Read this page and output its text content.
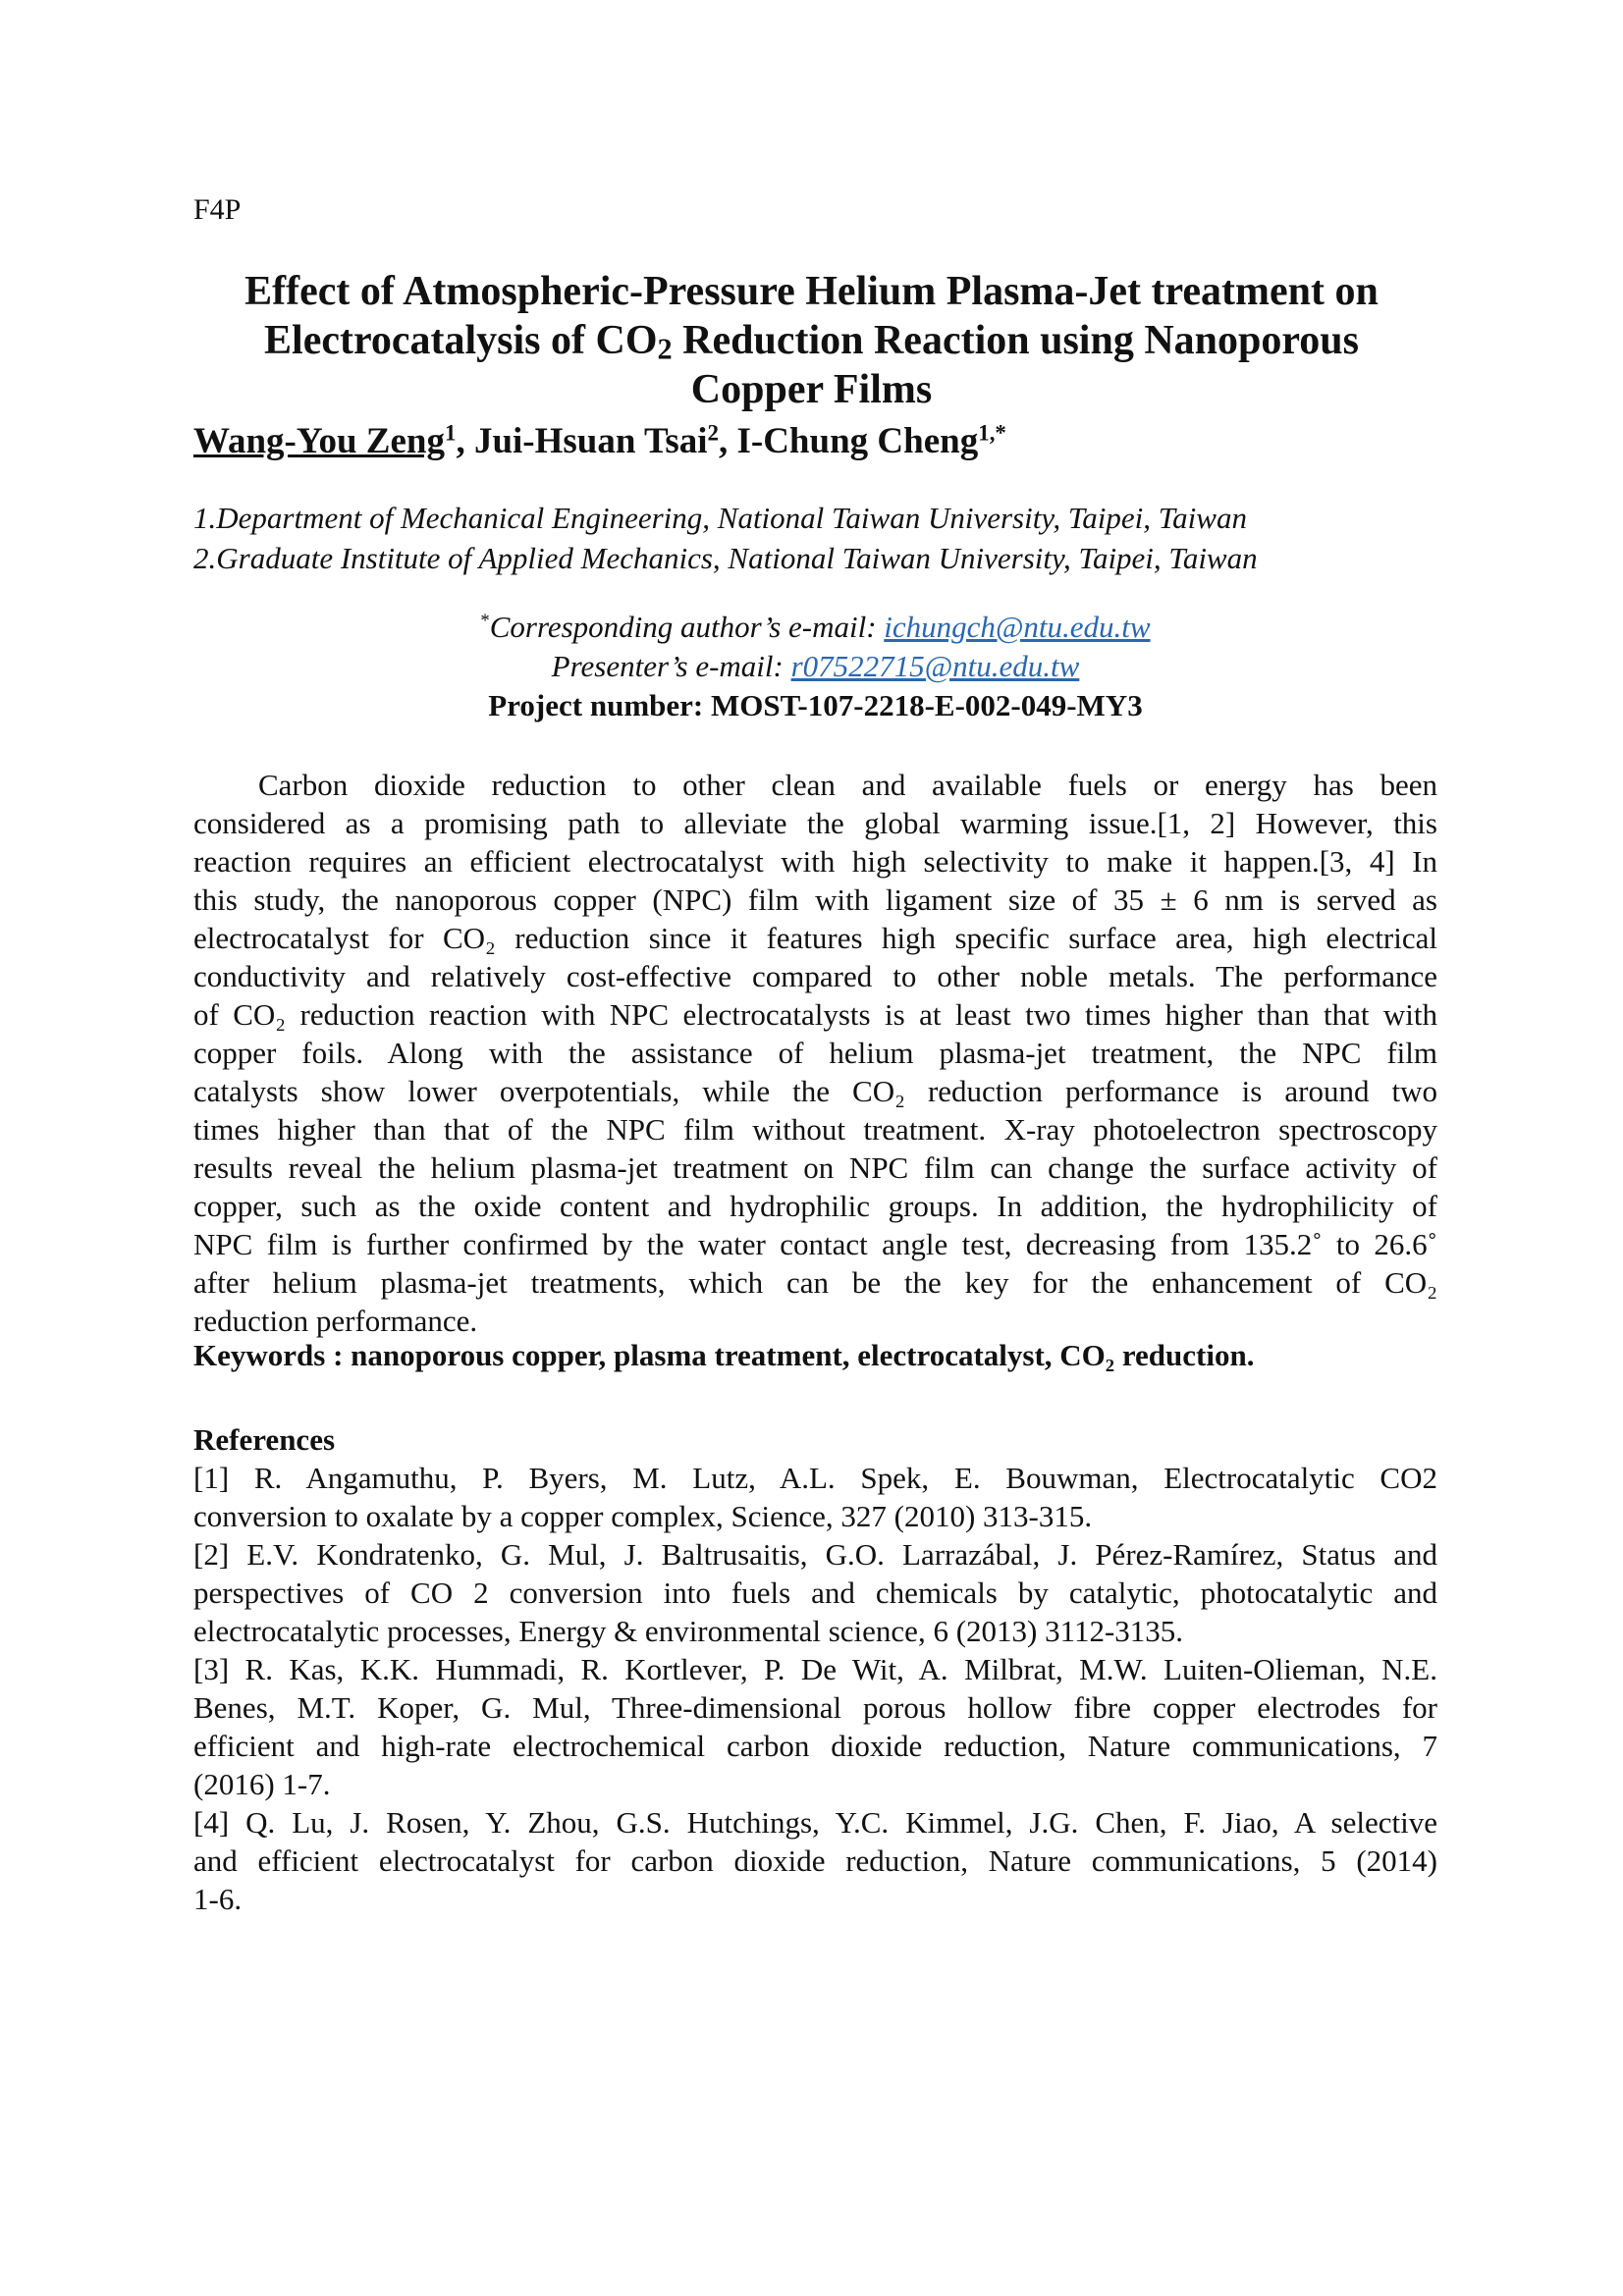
F4P
Effect of Atmospheric-Pressure Helium Plasma-Jet treatment on
Electrocatalysis of $CO_2$ Reduction Reaction using Nanoporous
Copper Films
Wang-You Zeng$^1$, Jui-Hsuan Tsai$^2$, I-Chung Cheng$^{1,*}$
1.Department of Mechanical Engineering, National Taiwan University, Taipei, Taiwan
2.Graduate Institute of Applied Mechanics, National Taiwan University, Taipei, Taiwan
*Corresponding author’s e-mail: ichungch@ntu.edu.tw
Presenter’s e-mail: r07522715@ntu.edu.tw
Project number: MOST-107-2218-E-002-049-MY3
Carbon dioxide reduction to other clean and available fuels or energy has been
considered as a promising path to alleviate the global warming issue.[1, 2] However, this
reaction requires an efficient electrocatalyst with high selectivity to make it happen.[3, 4] In
this study, the nanoporous copper (NPC) film with ligament size of 35 ± 6 nm is served as
electrocatalyst for CO₂ reduction since it features high specific surface area, high electrical
conductivity and relatively cost-effective compared to other noble metals. The performance
of CO₂ reduction reaction with NPC electrocatalysts is at least two times higher than that with
copper foils. Along with the assistance of helium plasma-jet treatment, the NPC film
catalysts show lower overpotentials, while the CO₂ reduction performance is around two
times higher than that of the NPC film without treatment. X-ray photoelectron spectroscopy
results reveal the helium plasma-jet treatment on NPC film can change the surface activity of
copper, such as the oxide content and hydrophilic groups. In addition, the hydrophilicity of
NPC film is further confirmed by the water contact angle test, decreasing from 135.2˚ to 26.6˚
after helium plasma-jet treatments, which can be the key for the enhancement of CO₂
reduction performance.
Keywords : nanoporous copper, plasma treatment, electrocatalyst, CO₂ reduction.
References
[1] R. Angamuthu, P. Byers, M. Lutz, A.L. Spek, E. Bouwman, Electrocatalytic CO2
conversion to oxalate by a copper complex, Science, 327 (2010) 313-315.
[2] E.V. Kondratenko, G. Mul, J. Baltrusaitis, G.O. Larrazábal, J. Pérez-Ramírez, Status and
perspectives of CO 2 conversion into fuels and chemicals by catalytic, photocatalytic and
electrocatalytic processes, Energy & environmental science, 6 (2013) 3112-3135.
[3] R. Kas, K.K. Hummadi, R. Kortlever, P. De Wit, A. Milbrat, M.W. Luiten-Olieman, N.E.
Benes, M.T. Koper, G. Mul, Three-dimensional porous hollow fibre copper electrodes for
efficient and high-rate electrochemical carbon dioxide reduction, Nature communications, 7
(2016) 1-7.
[4] Q. Lu, J. Rosen, Y. Zhou, G.S. Hutchings, Y.C. Kimmel, J.G. Chen, F. Jiao, A selective
and efficient electrocatalyst for carbon dioxide reduction, Nature communications, 5 (2014)
1-6.
